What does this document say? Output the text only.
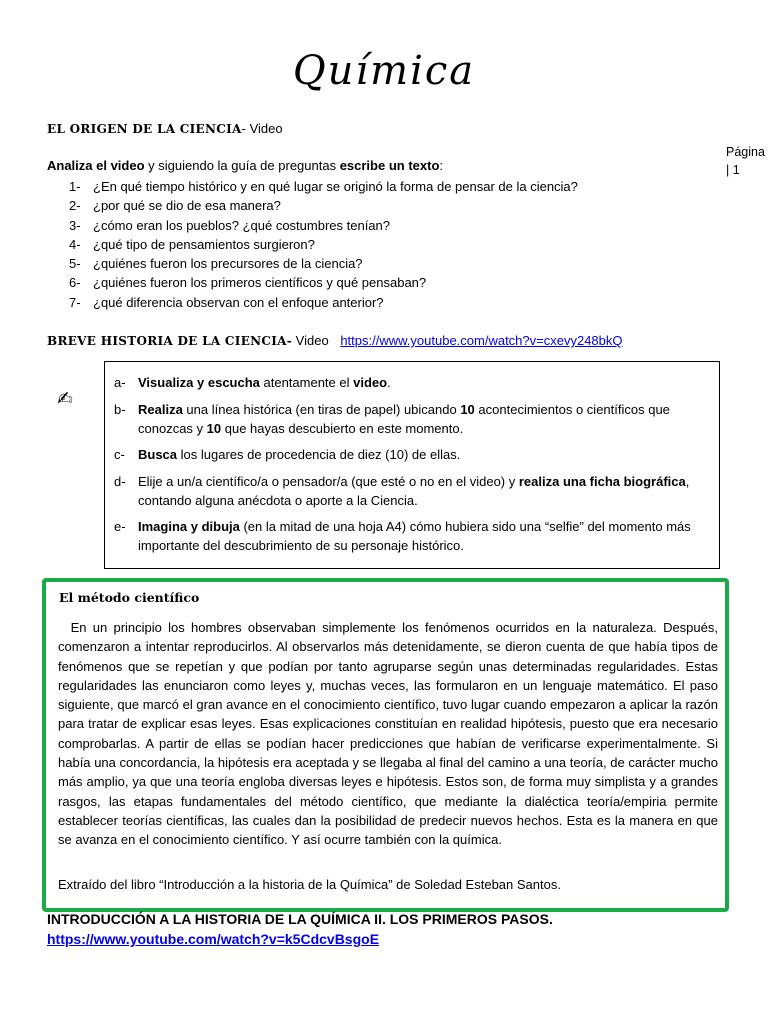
Química
Página
| 1
EL ORIGEN DE LA CIENCIA- Video
Analiza el video y siguiendo la guía de preguntas escribe un texto:
1- ¿En qué tiempo histórico y en qué lugar se originó la forma de pensar de la ciencia?
2- ¿por qué se dio de esa manera?
3- ¿cómo eran los pueblos? ¿qué costumbres tenían?
4- ¿qué tipo de pensamientos surgieron?
5- ¿quiénes fueron los precursores de la ciencia?
6- ¿quiénes fueron los primeros científicos y qué pensaban?
7- ¿qué diferencia observan con el enfoque anterior?
BREVE HISTORIA DE LA CIENCIA- Video https://www.youtube.com/watch?v=cxevy248bkQ
✍
a- Visualiza y escucha atentamente el video.
b- Realiza una línea histórica (en tiras de papel) ubicando 10 acontecimientos o científicos que conozcas y 10 que hayas descubierto en este momento.
c-	Busca los lugares de procedencia de diez (10) de ellas.
d- Elije a un/a científico/a o pensador/a (que esté o no en el video) y realiza una ficha biográfica, contando alguna anécdota o aporte a la Ciencia.
e- Imagina y dibuja (en la mitad de una hoja A4) cómo hubiera sido una “selfie” del momento más importante del descubrimiento de su personaje histórico.
El método científico
En un principio los hombres observaban simplemente los fenómenos ocurridos en la naturaleza. Después, comenzaron a intentar reproducirlos. Al observarlos más detenidamente, se dieron cuenta de que había tipos de fenómenos que se repetían y que podían por tanto agruparse según unas determinadas regularidades. Estas regularidades las enunciaron como leyes y, muchas veces, las formularon en un lenguaje matemático. El paso siguiente, que marcó el gran avance en el conocimiento científico, tuvo lugar cuando empezaron a aplicar la razón para tratar de explicar esas leyes. Esas explicaciones constituían en realidad hipótesis, puesto que era necesario comprobarlas. A partir de ellas se podían hacer predicciones que habían de verificarse experimentalmente. Si había una concordancia, la hipótesis era aceptada y se llegaba al final del camino a una teoría, de carácter mucho más amplio, ya que una teoría engloba diversas leyes e hipótesis. Estos son, de forma muy simplista y a grandes rasgos, las etapas fundamentales del método científico, que mediante la dialéctica teoría/empiria permite establecer teorías científicas, las cuales dan la posibilidad de predecir nuevos hechos. Esta es la manera en que se avanza en el conocimiento científico. Y así ocurre también con la química.
Extraído del libro “Introducción a la historia de la Química” de Soledad Esteban Santos.
INTRODUCCIÓN A LA HISTORIA DE LA QUÍMICA II. LOS PRIMEROS PASOS.
https://www.youtube.com/watch?v=k5CdcvBsgoE
